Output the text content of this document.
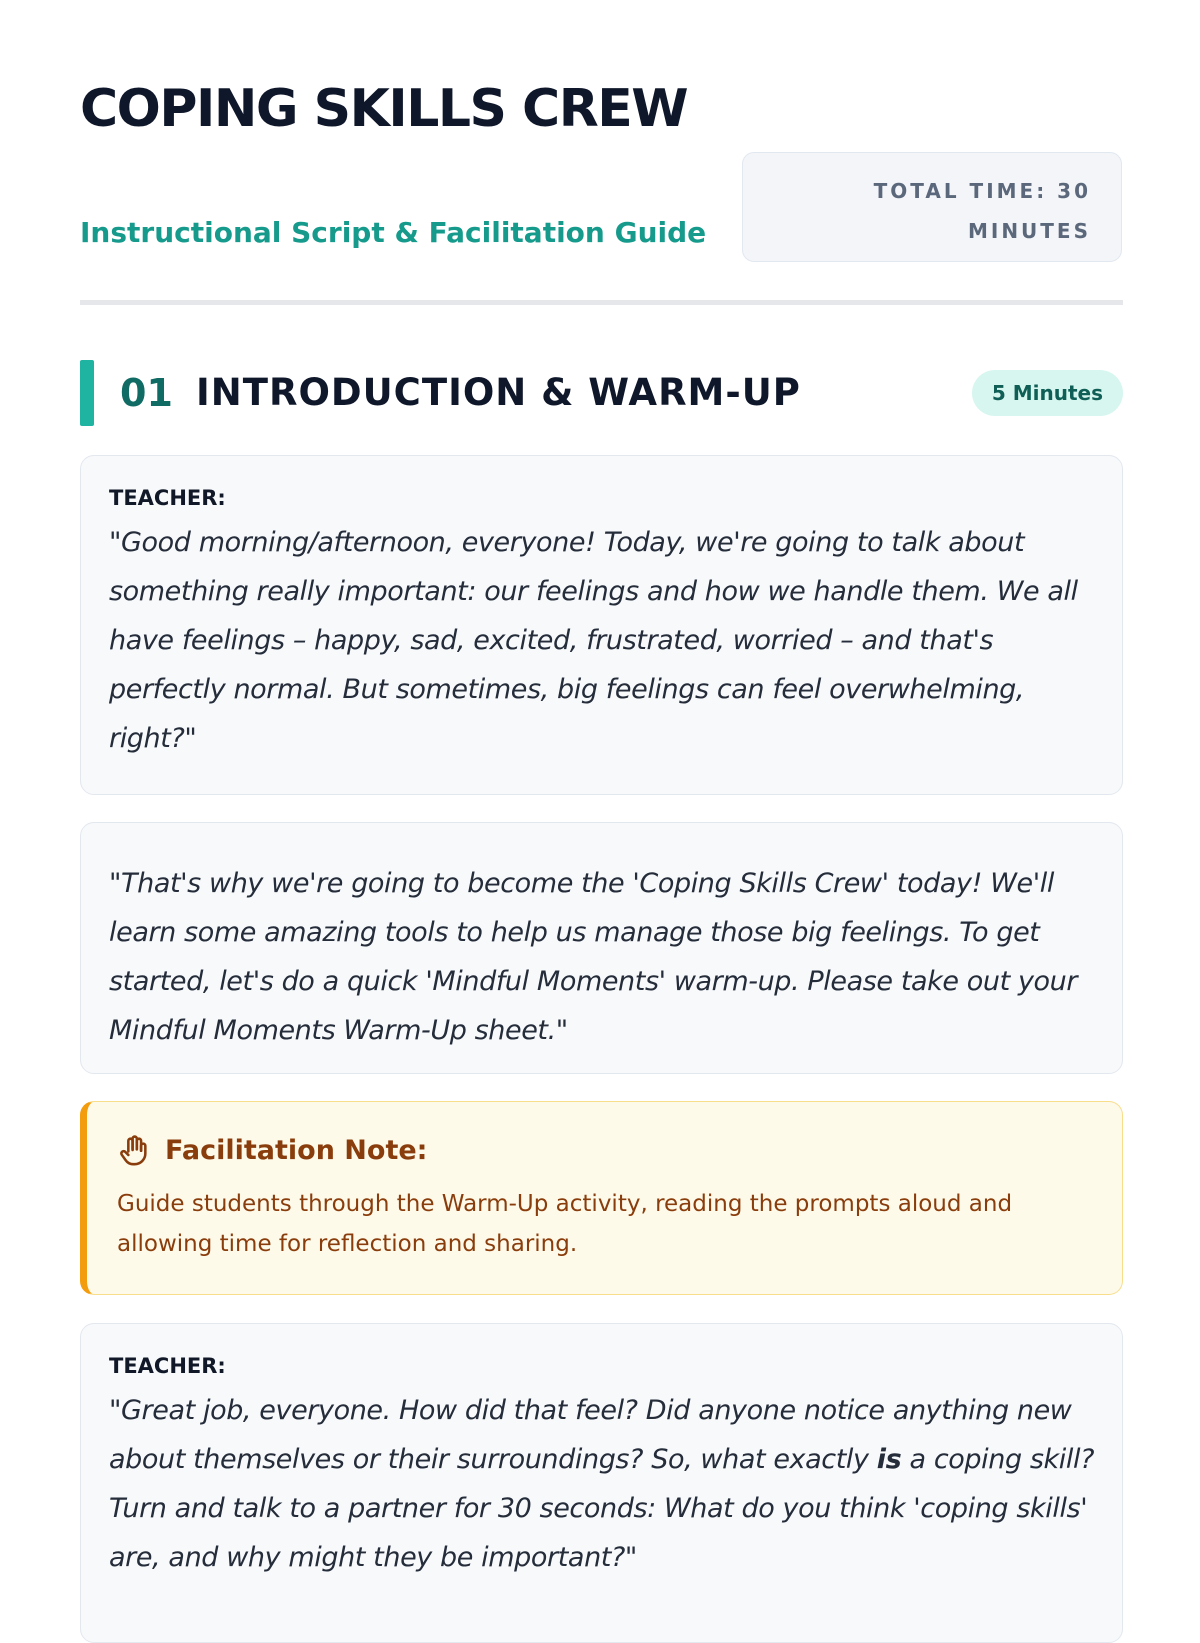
COPING SKILLS CREW

Instructional Script & Facilitation Guide

TOTAL TIME: 30 MINUTES
01 INTRODUCTION & WARM-UP	5 Minutes
TEACHER:

"Good morning/afternoon, everyone! Today, we're going to talk about something really important: our feelings and how we handle them. We all have feelings – happy, sad, excited, frustrated, worried – and that's perfectly normal. But sometimes, big feelings can feel overwhelming, right?"

"That's why we're going to become the 'Coping Skills Crew' today! We'll learn some amazing tools to help us manage those big feelings. To get started, let's do a quick 'Mindful Moments' warm-up. Please take out your Mindful Moments Warm-Up sheet."

Facilitation Note:

Guide students through the Warm-Up activity, reading the prompts aloud and allowing time for reflection and sharing.

TEACHER:

"Great job, everyone. How did that feel? Did anyone notice anything new about themselves or their surroundings? So, what exactly is a coping skill? Turn and talk to a partner for 30 seconds: What do you think 'coping skills' are, and why might they be important?"
